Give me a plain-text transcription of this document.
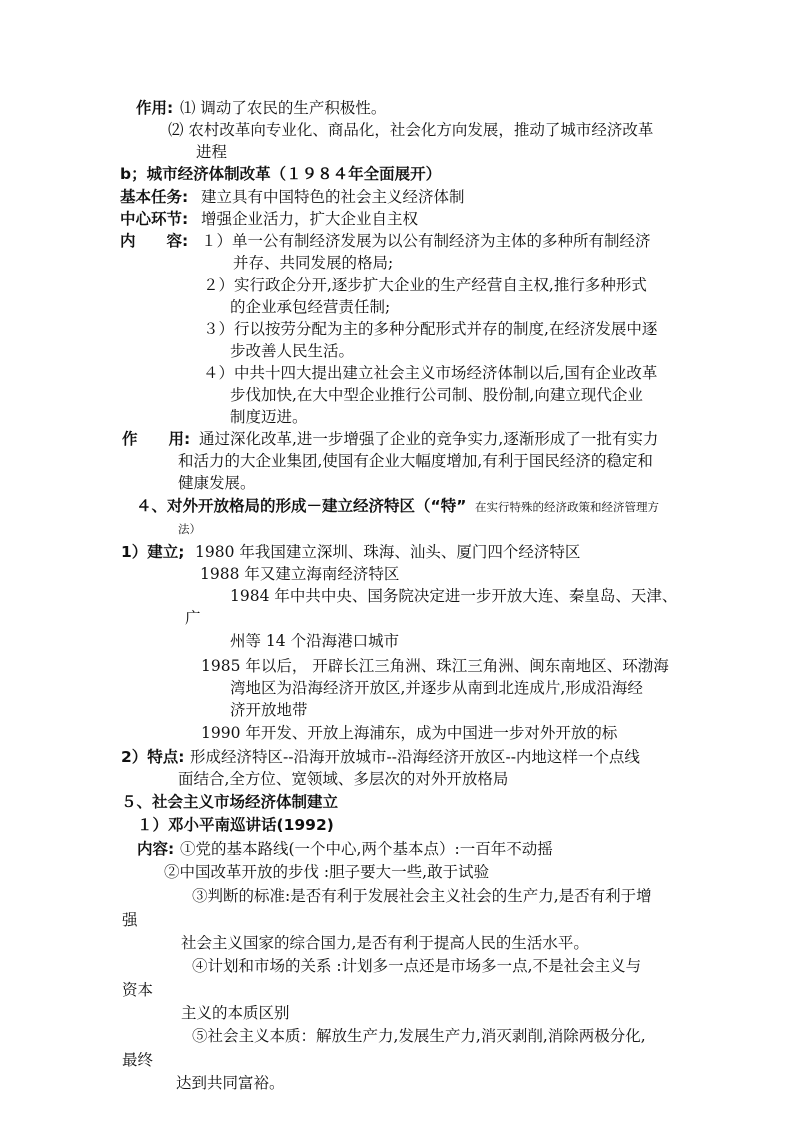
作用: ⑴ 调动了农民的生产积极性。
⑵ 农村改革向专业化、商品化，社会化方向发展，推动了城市经济改革
进程
b；城市经济体制改革（１９８４年全面展开）
基本任务: 建立具有中国特色的社会主义经济体制
中心环节: 增强企业活力，扩大企业自主权
内　　容: １）单一公有制经济发展为以公有制经济为主体的多种所有制经济
并存、共同发展的格局;
２）实行政企分开,逐步扩大企业的生产经营自主权,推行多种形式
的企业承包经营责任制;
３）行以按劳分配为主的多种分配形式并存的制度,在经济发展中逐
步改善人民生活。
４）中共十四大提出建立社会主义市场经济体制以后,国有企业改革
步伐加快,在大中型企业推行公司制、股份制,向建立现代企业
制度迈进。
作　　用: 通过深化改革,进一步增强了企业的竞争实力,逐渐形成了一批有实力
和活力的大企业集团,使国有企业大幅度增加,有利于国民经济的稳定和
健康发展。
４、对外开放格局的形成－建立经济特区（“特” 在实行特殊的经济政策和经济管理方
法）
1）建立; 1980 年我国建立深圳、珠海、汕头、厦门四个经济特区
1988 年又建立海南经济特区
1984 年中共中央、国务院决定进一步开放大连、秦皇岛、天津、
广
州等 14 个沿海港口城市
1985 年以后， 开辟长江三角洲、珠江三角洲、闽东南地区、环渤海
湾地区为沿海经济开放区,并逐步从南到北连成片,形成沿海经
济开放地带
1990 年开发、开放上海浦东，成为中国进一步对外开放的标
2）特点: 形成经济特区--沿海开放城市--沿海经济开放区--内地这样一个点线
面结合,全方位、宽领域、多层次的对外开放格局
５、社会主义市场经济体制建立
１）邓小平南巡讲话(1992)
内容: ①党的基本路线(一个中心,两个基本点）:一百年不动摇
②中国改革开放的步伐 :胆子要大一些,敢于试验
③判断的标准:是否有利于发展社会主义社会的生产力,是否有利于增
强
社会主义国家的综合国力,是否有利于提高人民的生活水平。
④计划和市场的关系 :计划多一点还是市场多一点,不是社会主义与
资本
主义的本质区别
⑤社会主义本质：解放生产力,发展生产力,消灭剥削,消除两极分化,
最终
达到共同富裕。
